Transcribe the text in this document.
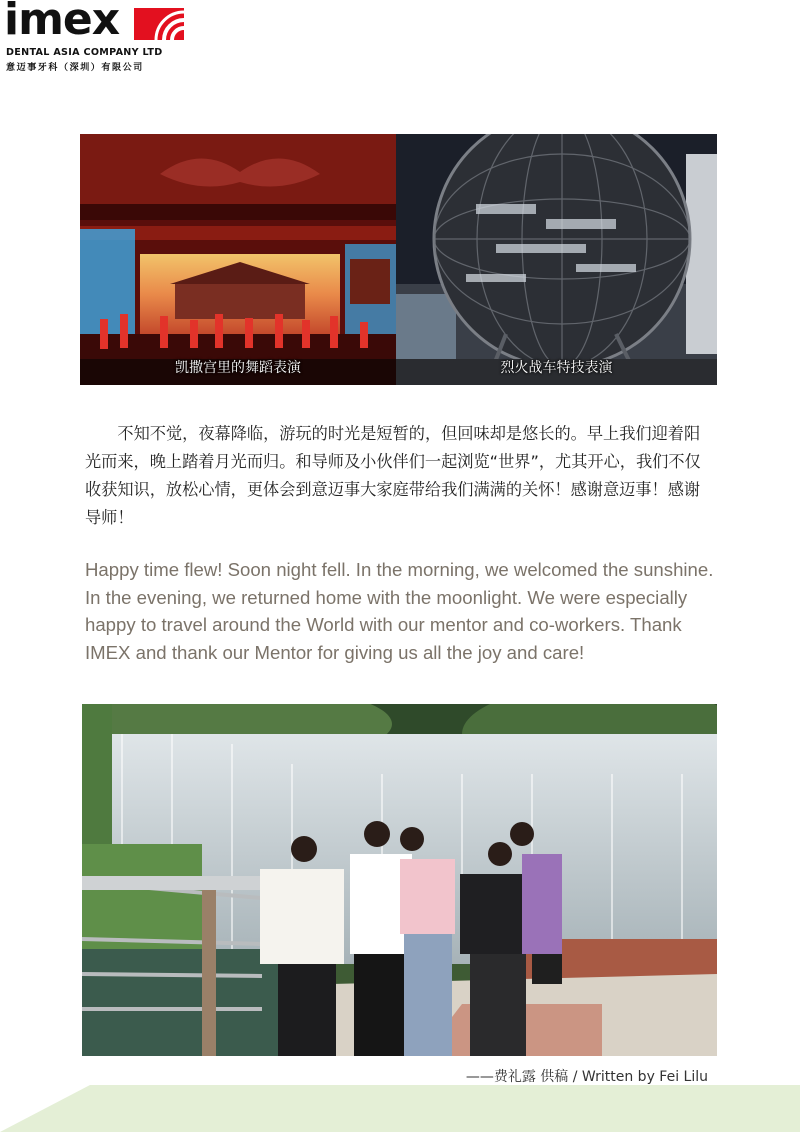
imex
DENTAL ASIA COMPANY LTD
意迈事牙科（深圳）有限公司
凯撒宫里的舞蹈表演	烈火战车特技表演

不知不觉，夜幕降临，游玩的时光是短暂的，但回味却是悠长的。早上我们迎着阳光而来，晚上踏着月光而归。和导师及小伙伴们一起浏览“世界”，尤其开心，我们不仅收获知识，放松心情，更体会到意迈事大家庭带给我们满满的关怀！感谢意迈事！感谢导师！

Happy time flew! Soon night fell. In the morning, we welcomed the sunshine. In the evening, we returned home with the moonlight. We were especially happy to travel around the World with our mentor and co-workers. Thank IMEX and thank our Mentor for giving us all the joy and care!

——费礼露 供稿 / Written by Fei Lilu
